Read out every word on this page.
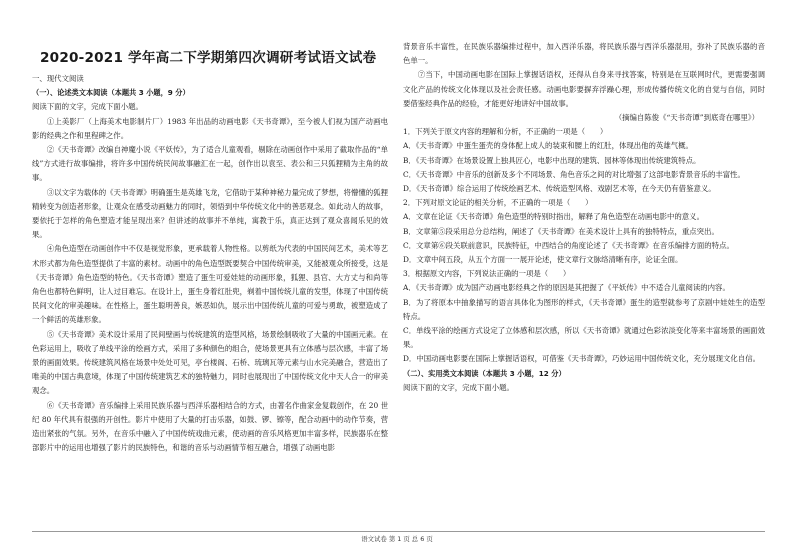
2020-2021 学年高二下学期第四次调研考试语文试卷

一、现代文阅读

（一）、论述类文本阅读（本题共 3 小题，9 分）

阅读下面的文字，完成下面小题。

①上美影厂（上海美术电影制片厂）1983 年出品的动画电影《天书奇谭》，至今被人们视为国产动画电影的经典之作和里程碑之作。

②《天书奇谭》改编自神魔小说《平妖传》，为了适合儿童观看，剔除在动画创作中采用了截取作品的“单线”方式进行故事编排，将许多中国传统民间故事融汇在一起，创作出以袁至、表公和三只狐狸精为主角的故事。

③以文字为载体的《天书奇谭》明确蛋生是英雄飞龙，它借助于某种神秘力量完成了梦想，将懵懂的狐狸精转变为创造者形象，让观众在感受动画魅力的同时，领悟到中华传统文化中的善恶观念。如此动人的故事，要依托于怎样的角色塑造才能呈现出来？但讲述的故事并不单纯，寓教于乐，真正达到了观众喜闻乐见的效果。

④角色造型在动画创作中不仅是视觉形象，更承载着人物性格。以剪纸为代表的中国民间艺术，美术等艺术形式都为角色造型提供了丰富的素材。动画中的角色造型既要契合中国传统审美，又能被观众所接受，这是《天书奇谭》角色造型的特色。《天书奇谭》塑造了蛋生可爱娃娃的动画形象，狐狸、县官、大方丈与和尚等角色也都特色鲜明，让人过目难忘。在设计上，蛋生身着红肚兜，剃着中国传统儿童的发型，体现了中国传统民间文化的审美趣味。在性格上，蛋生聪明善良，嫉恶如仇，展示出中国传统儿童的可爱与勇敢，被塑造成了一个鲜活的英雄形象。

⑤《天书奇谭》美术设计采用了民间壁画与传统建筑的造型风格，场景绘制吸收了大量的中国画元素。在色彩运用上，吸收了单线平涂的绘画方式，采用了多种颜色的组合，使场景更具有立体感与层次感，丰富了场景的画面效果。传统建筑风格在场景中处处可见，亭台楼阁、石桥、琉璃瓦等元素与山水完美融合，营造出了唯美的中国古典意境，体现了中国传统建筑艺术的独特魅力，同时也展现出了中国传统文化中天人合一的审美观念。

⑥《天书奇谭》音乐编排上采用民族乐器与西洋乐器相结合的方式，由著名作曲家金复载创作，在 20 世纪 80 年代具有很强的开创性。影片中使用了大量的打击乐器，如鼓、锣、镲等，配合动画中的动作节奏，营造出紧张的气氛。另外，在音乐中融入了中国传统戏曲元素，使动画的音乐风格更加丰富多样，民族器乐在整部影片中的运用也增强了影片的民族特色，和谐的音乐与动画情节相互融合，增强了动画电影

背景音乐丰富性，在民族乐器编排过程中，加入西洋乐器，将民族乐器与西洋乐器混用，弥补了民族乐器的音色单一。

⑦当下，中国动画电影在国际上掌握话语权，还得从自身来寻找答案，特别是在互联网时代，更需要强调文化产品的传统文化体现以及社会责任感。动画电影要摒弃浮躁心理，形成传播传统文化的自觉与自信，同时要借鉴经典作品的经验，才能更好地讲好中国故事。

（摘编自陈俊《“天书奇谭”到底奇在哪里》）

1．下列关于原文内容的理解和分析，不正确的一项是（　　）

A．《天书奇谭》中蛋生蛋壳的身体配上成人的装束和腰上的红肚，体现出他的英雄气概。

B．《天书奇谭》在场景设置上独具匠心，电影中出现的建筑、园林等体现出传统建筑特点。

C．《天书奇谭》中音乐的创新及多个不同场景、角色音乐之间的对比增强了这部电影背景音乐的丰富性。

D．《天书奇谭》综合运用了传统绘画艺术、传统造型风格、戏剧艺术等，在今天仍有借鉴意义。

2．下列对原文论证的相关分析，不正确的一项是（　　）

A．文章在论证《天书奇谭》角色造型的特别时指出，解释了角色造型在动画电影中的意义。

B．文章第⑤段采用总分总结构，阐述了《天书奇谭》在美术设计上具有的独特特点，重点突出。

C．文章第⑥段关联前意识，民族特征，中西结合的角度论述了《天书奇谭》在音乐编排方面的特点。

D．文章中间五段，从五个方面一一展开论述，使文章行文脉络清晰有序，论证全面。

3．根据原文内容，下列说法正确的一项是（　　）

A．《天书奇谭》成为国产动画电影经典之作的原因是其把握了《平妖传》中不适合儿童阅读的内容。

B．为了将原本中抽象描写的语言具体化为图形的样式，《天书奇谭》蛋生的造型就参考了京剧中娃娃生的造型特点。

C．单线平涂的绘画方式设定了立体感和层次感，所以《天书奇谭》就通过色彩浓淡变化等来丰富场景的画面效果。

D．中国动画电影要在国际上掌握话语权，可借鉴《天书奇谭》，巧妙运用中国传统文化，充分展现文化自信。

（二）、实用类文本阅读（本题共 3 小题，12 分）

阅读下面的文字，完成下面小题。

语文试卷 第 1 页 总 6 页
